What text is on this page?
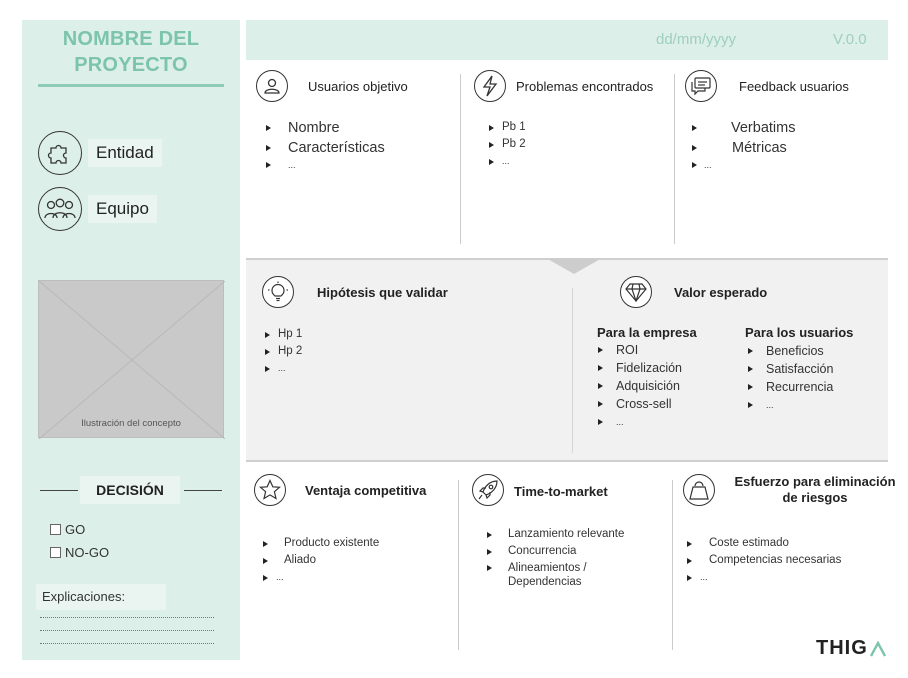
NOMBRE DEL
PROYECTO
Entidad
Equipo
Ilustración del concepto
DECISIÓN
GO
NO-GO
Explicaciones:
dd/mm/yyyy	V.0.0
Usuarios objetivo
Nombre
Características
...
Problemas encontrados
Pb 1
Pb 2
...
Feedback usuarios
Verbatims
Métricas
...
Hipótesis que validar
Hp 1
Hp 2
...
Valor esperado
Para la empresa
ROI
Fidelización
Adquisición
Cross-sell
...
Para los usuarios
Beneficios
Satisfacción
Recurrencia
...
Ventaja competitiva
Producto existente
Aliado
...
Time-to-market
Lanzamiento relevante
Concurrencia
Alineamientos /
Dependencias
Esfuerzo para eliminación
de riesgos
Coste estimado
Competencias necesarias
...
THIG
